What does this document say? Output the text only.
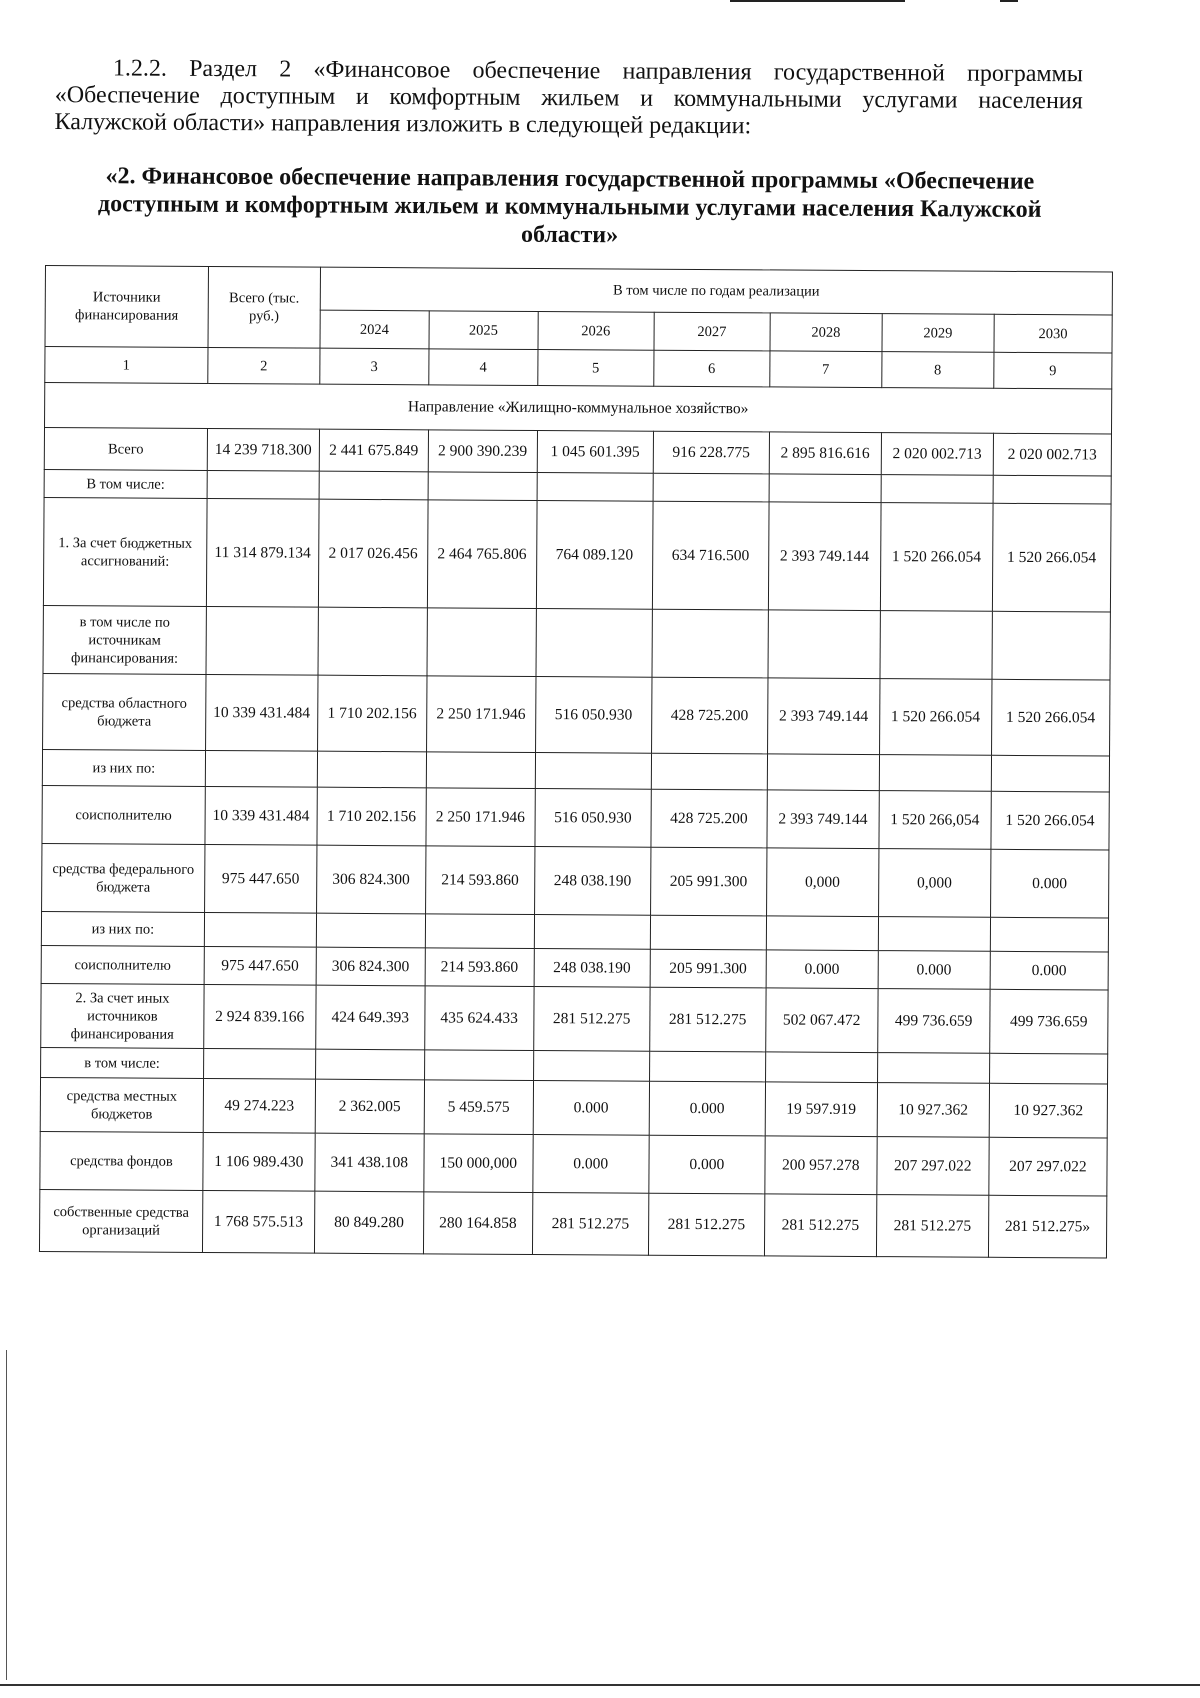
1.2.2. Раздел 2 «Финансовое обеспечение направления государственной программы «Обеспечение доступным и комфортным жильем и коммунальными услугами населения Калужской области» направления изложить в следующей редакции:

«2. Финансовое обеспечение направления государственной программы «Обеспечение доступным и комфортным жильем и коммунальными услугами населения Калужской области»
Источники финансирования	Всего (тыс. руб.)	В том числе по годам реализации						
		2024	2025	2026	2027	2028	2029	2030
1	2	3	4	5	6	7	8	9
Направление «Жилищно-коммунальное хозяйство»								
Всего	14 239 718.300	2 441 675.849	2 900 390.239	1 045 601.395	916 228.775	2 895 816.616	2 020 002.713	2 020 002.713
В том числе:								
1. За счет бюджетных ассигнований:	11 314 879.134	2 017 026.456	2 464 765.806	764 089.120	634 716.500	2 393 749.144	1 520 266.054	1 520 266.054
в том числе по источникам финансирования:								
средства областного бюджета	10 339 431.484	1 710 202.156	2 250 171.946	516 050.930	428 725.200	2 393 749.144	1 520 266.054	1 520 266.054
из них по:								
соисполнителю	10 339 431.484	1 710 202.156	2 250 171.946	516 050.930	428 725.200	2 393 749.144	1 520 266,054	1 520 266.054
средства федерального бюджета	975 447.650	306 824.300	214 593.860	248 038.190	205 991.300	0,000	0,000	0.000
из них по:								
соисполнителю	975 447.650	306 824.300	214 593.860	248 038.190	205 991.300	0.000	0.000	0.000
2. За счет иных источников финансирования	2 924 839.166	424 649.393	435 624.433	281 512.275	281 512.275	502 067.472	499 736.659	499 736.659
в том числе:								
средства местных бюджетов	49 274.223	2 362.005	5 459.575	0.000	0.000	19 597.919	10 927.362	10 927.362
средства фондов	1 106 989.430	341 438.108	150 000,000	0.000	0.000	200 957.278	207 297.022	207 297.022
собственные средства организаций	1 768 575.513	80 849.280	280 164.858	281 512.275	281 512.275	281 512.275	281 512.275	281 512.275»
